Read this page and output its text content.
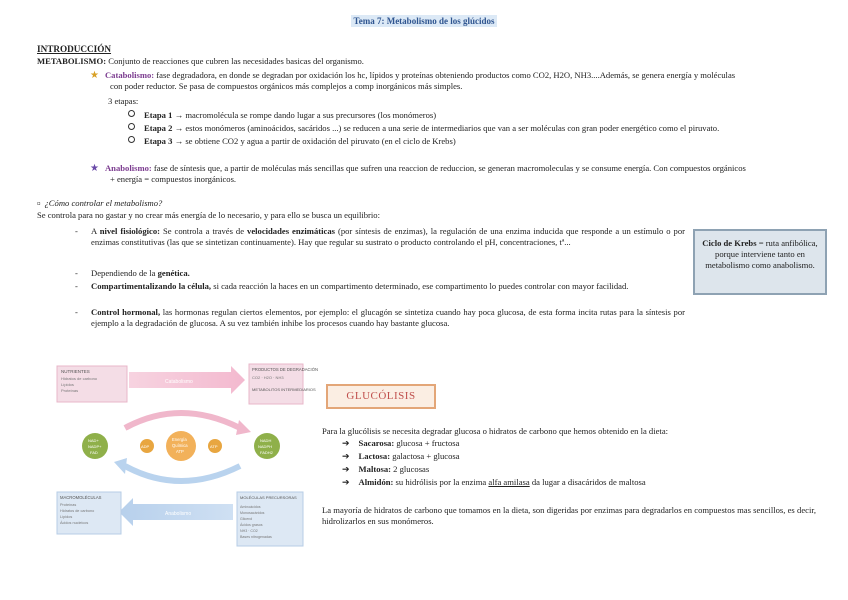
Tema 7: Metabolismo de los glúcidos
INTRODUCCIÓN
METABOLISMO: Conjunto de reacciones que cubren las necesidades basicas del organismo.
★ Catabolismo: fase degradadora, en donde se degradan por oxidación los hc, lípidos y proteínas obteniendo productos como CO2, H2O, NH3....Además, se genera energía y moléculas
con poder reductor. Se pasa de compuestos orgánicos más complejos a comp inorgánicos más simples.
3 etapas:
Etapa 1 → macromolécula se rompe dando lugar a sus precursores (los monómeros)
Etapa 2 → estos monómeros (aminoácidos, sacáridos ...) se reducen a una serie de intermediarios que van a ser moléculas con gran poder energético como el piruvato.
Etapa 3 → se obtiene CO2 y agua a partir de oxidación del piruvato (en el ciclo de Krebs)
★ Anabolismo: fase de síntesis que, a partir de moléculas más sencillas que sufren una reaccion de reduccion, se generan macromoleculas y se consume energía. Con compuestos orgánicos
+ energía = compuestos inorgánicos.
¤ ¿Cómo controlar el metabolismo?
Se controla para no gastar y no crear más energía de lo necesario, y para ello se busca un equilibrio:
- A nivel fisiológico: Se controla a través de velocidades enzimáticas (por síntesis de enzimas), la regulación de una enzima inducida que responde a un estímulo o por enzimas constitutivas (las que se sintetizan continuamente). Hay que regular su sustrato o producto controlando el pH, concentraciones, tª...
- Dependiendo de la genética.
- Compartimentalizando la célula, si cada reacción la haces en un compartimento determinado, ese compartimento lo puedes controlar con mayor facilidad.
- Control hormonal, las hormonas regulan ciertos elementos, por ejemplo: el glucagón se sintetiza cuando hay poca glucosa, de esta forma incita rutas para la síntesis por ejemplo a la degradación de glucosa. A su vez también inhibe los procesos cuando hay bastante glucosa.
Ciclo de Krebs = ruta anfibólica, porque interviene tanto en metabolismo como anabolismo.
NUTRIENTES
Hidratos de carbono
Lípidos
Proteínas
Catabolismo
PRODUCTOS DE DEGRADACIÓN
CO2 · H2O · NH3
METABOLITOS INTERMEDIARIOS
NAD+
NADP+
FAD
ADP
Energía
Química
ATP
ATP
NADH
NADPH
FADH2
Anabolismo
MACROMOLÉCULAS
Proteínas
Hidratos de carbono
Lípidos
Ácidos nucleicos
MOLÉCULAS PRECURSORAS
Aminoácidos
Monosacáridos
Glicerol
Ácidos grasos
NH3 · CO2
Bases nitrogenadas
GLUCÓLISIS
Para la glucólisis se necesita degradar glucosa o hidratos de carbono que hemos obtenido en la dieta:
➔ Sacarosa: glucosa + fructosa
➔ Lactosa: galactosa + glucosa
➔ Maltosa: 2 glucosas
➔ Almidón: su hidrólisis por la enzima alfa amilasa da lugar a disacáridos de maltosa
La mayoría de hidratos de carbono que tomamos en la dieta, son digeridas por enzimas para degradarlos en compuestos mas sencillos, es decir, hidrolizarlos en sus monómeros.
